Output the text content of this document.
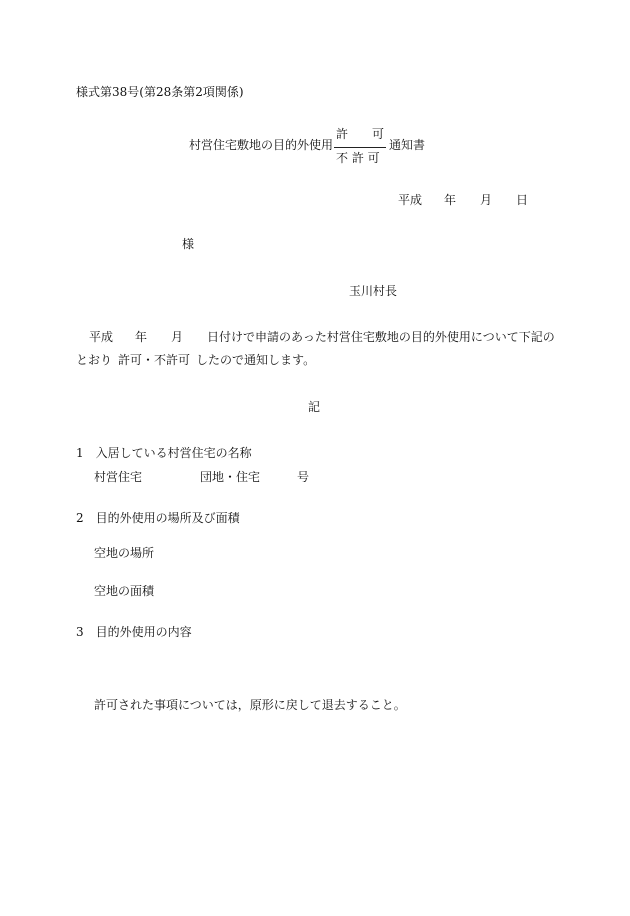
様式第38号(第28条第2項関係)
村営住宅敷地の目的外使用
許　　可
不 許 可
通知書
平成 年 月 日
様
玉川村長
平成 年 月 日付けで申請のあった村営住宅敷地の目的外使用について下記の
とおり 許可・不許可 したので通知します。
記
1 入居している村営住宅の名称
村営住宅	団地・住宅	号
2 目的外使用の場所及び面積
空地の場所
空地の面積
3 目的外使用の内容
許可された事項については，原形に戻して退去すること。
